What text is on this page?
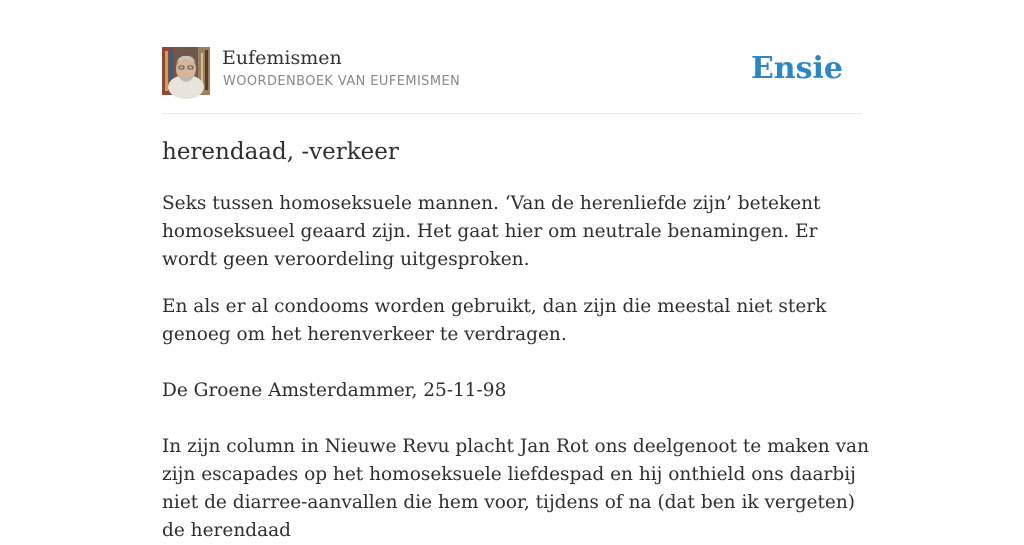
Eufemismen
WOORDENBOEK VAN EUFEMISMEN	Ensie
herendaad, -verkeer

Seks tussen homoseksuele mannen. ‘Van de herenliefde zijn’ betekent homoseksueel geaard zijn. Het gaat hier om neutrale benamingen. Er wordt geen veroordeling uitgesproken.

En als er al condooms worden gebruikt, dan zijn die meestal niet sterk genoeg om het herenverkeer te verdragen.

De Groene Amsterdammer, 25-11-98

In zijn column in Nieuwe Revu placht Jan Rot ons deelgenoot te maken van zijn escapades op het homoseksuele liefdespad en hij onthield ons daarbij niet de diarree-aanvallen die hem voor, tijdens of na (dat ben ik vergeten) de herendaad
